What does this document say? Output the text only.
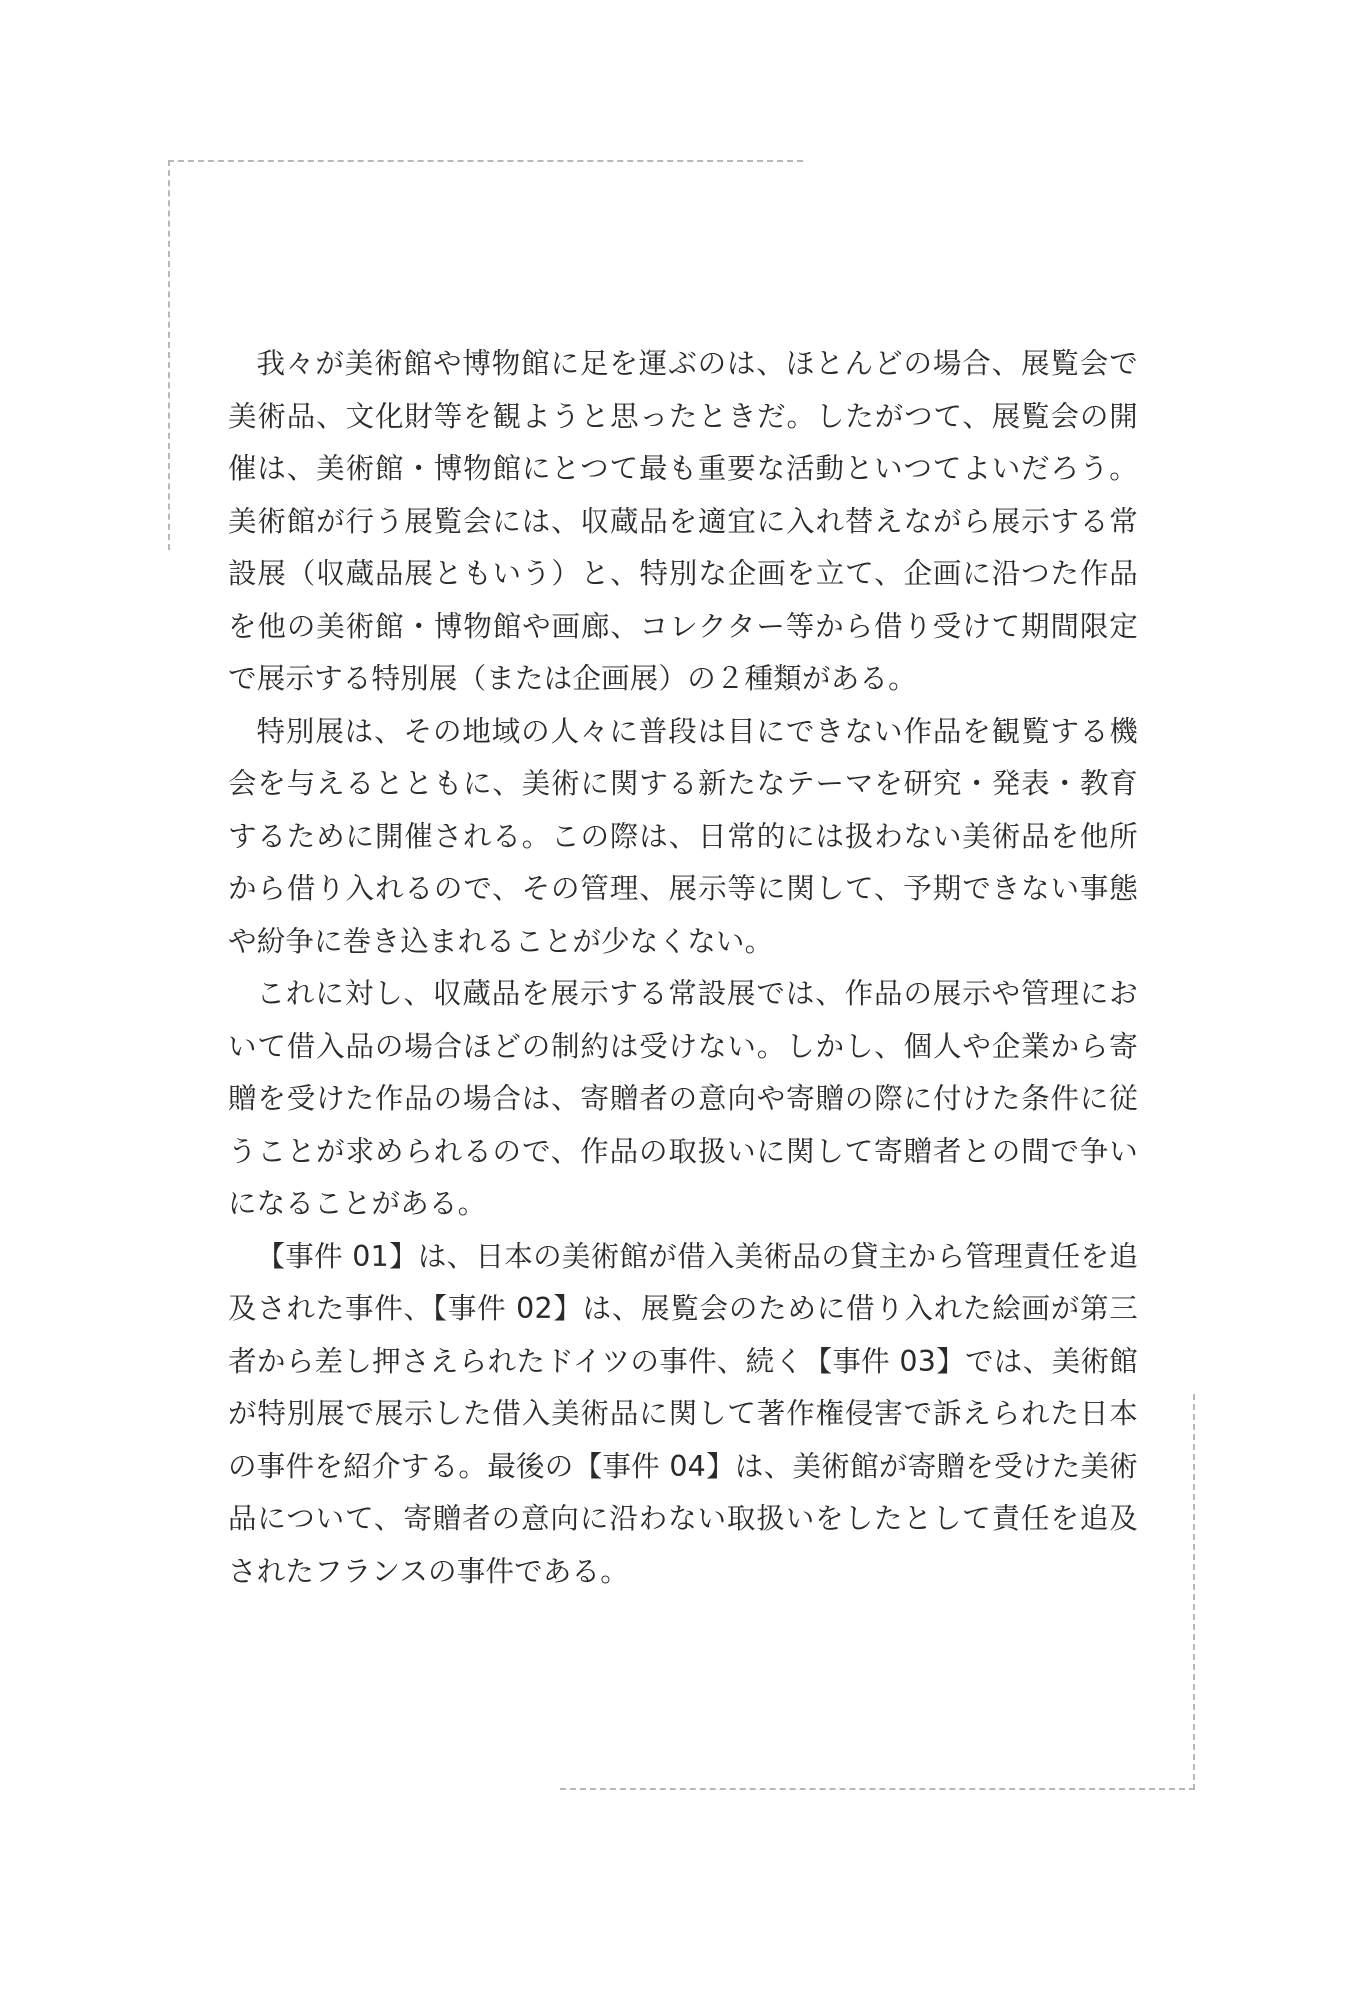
我々が美術館や博物館に足を運ぶのは、ほとんどの場合、展覧会で美術品、文化財等を観ようと思ったときだ。したがつて、展覧会の開催は、美術館・博物館にとつて最も重要な活動といつてよいだろう。美術館が行う展覧会には、収蔵品を適宜に入れ替えながら展示する常設展（収蔵品展ともいう）と、特別な企画を立て、企画に沿つた作品を他の美術館・博物館や画廊、コレクター等から借り受けて期間限定で展示する特別展（または企画展）の２種類がある。

特別展は、その地域の人々に普段は目にできない作品を観覧する機会を与えるとともに、美術に関する新たなテーマを研究・発表・教育するために開催される。この際は、日常的には扱わない美術品を他所から借り入れるので、その管理、展示等に関して、予期できない事態や紛争に巻き込まれることが少なくない。

これに対し、収蔵品を展示する常設展では、作品の展示や管理において借入品の場合ほどの制約は受けない。しかし、個人や企業から寄贈を受けた作品の場合は、寄贈者の意向や寄贈の際に付けた条件に従うことが求められるので、作品の取扱いに関して寄贈者との間で争いになることがある。

【事件 01】は、日本の美術館が借入美術品の貸主から管理責任を追及された事件、【事件 02】は、展覧会のために借り入れた絵画が第三者から差し押さえられたドイツの事件、続く【事件 03】では、美術館が特別展で展示した借入美術品に関して著作権侵害で訴えられた日本の事件を紹介する。最後の【事件 04】は、美術館が寄贈を受けた美術品について、寄贈者の意向に沿わない取扱いをしたとして責任を追及されたフランスの事件である。
